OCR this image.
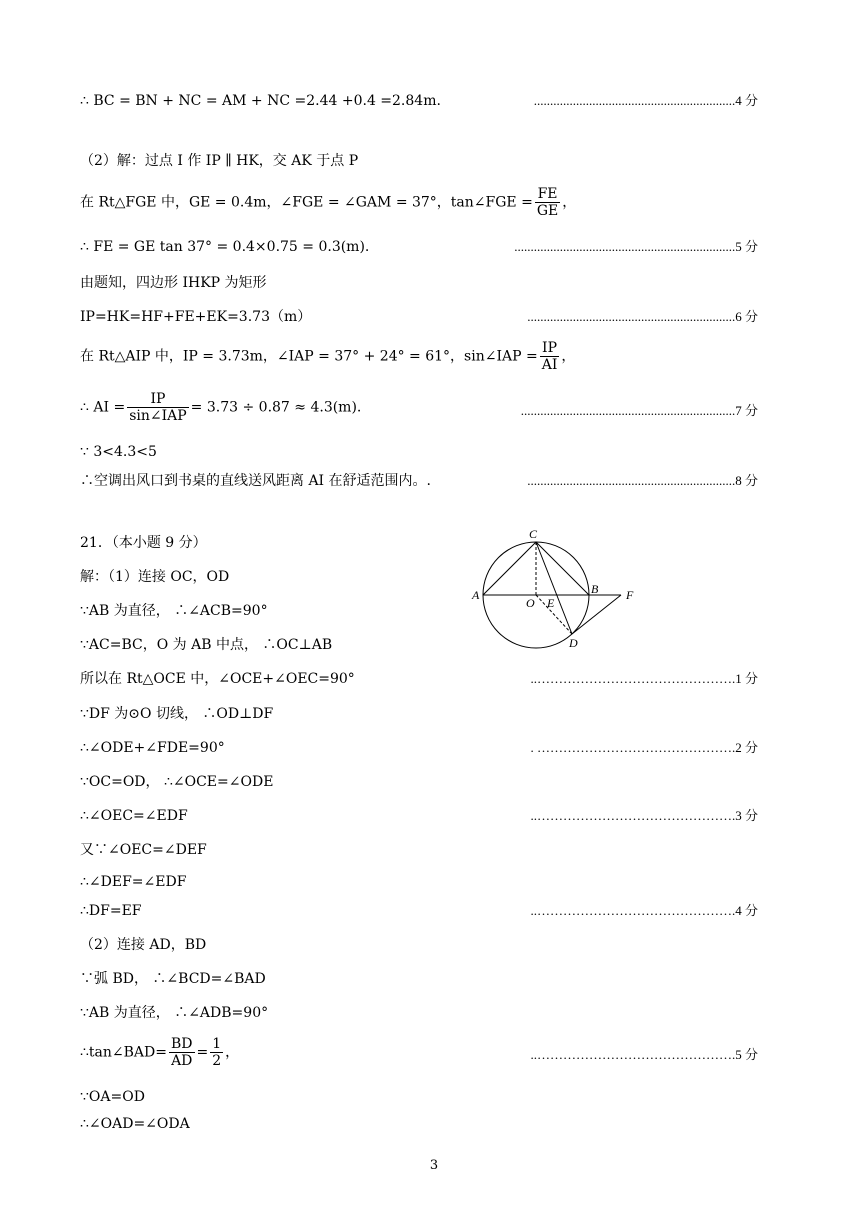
∴ BC = BN + NC = AM + NC =2.44 +0.4 =2.84m.	..............................................................4 分
（2）解：过点 I 作 IP ∥ HK，交 AK 于点 P
在 Rt△FGE 中，GE = 0.4m，∠FGE = ∠GAM = 37°，tan∠FGE = $\frac{FE}{GE}$ ，
∴ FE = GE tan 37° = 0.4×0.75 = 0.3(m).	....................................................................5 分
由题知，四边形 IHKP 为矩形
IP=HK=HF+FE+EK=3.73（m）	................................................................6 分
在 Rt△AIP 中，IP = 3.73m，∠IAP = 37° + 24° = 61°，sin∠IAP = $\frac{IP}{AI}$ ，
∴ AI = $\frac{IP}{\text{sin∠IAP}} = 3.73 \div 0.87 \approx 4.3(m)$.	..................................................................7 分
∵ 3<4.3<5
∴空调出风口到书桌的直线送风距离 AI 在舒适范围内。.	................................................................8 分
21．（本小题 9 分）
解：（1）连接 OC，OD
∵AB 为直径， ∴∠ACB=90°
∵AC=BC，O 为 AB 中点， ∴OC⊥AB
所以在 Rt△OCE 中，∠OCE+∠OEC=90°	..……………………………………….1 分
∵DF 为⊙O 切线， ∴OD⊥DF
∴∠ODE+∠FDE=90°	. ……………………………………….2 分
∵OC=OD， ∴∠OCE=∠ODE
∴∠OEC=∠EDF	..……………………………………….3 分
又∵∠OEC=∠DEF
∴∠DEF=∠EDF
∴DF=EF	..……………………………………….4 分
（2）连接 AD，BD
∵弧 BD， ∴∠BCD=∠BAD
∵AB 为直径， ∴∠ADB=90°
∴tan∠BAD= $\frac{BD}{AD} = \frac{1}{2}$ ，	..……………………………………….5 分
∵OA=OD
∴∠OAD=∠ODA
C
A
O E
B F
D
3
